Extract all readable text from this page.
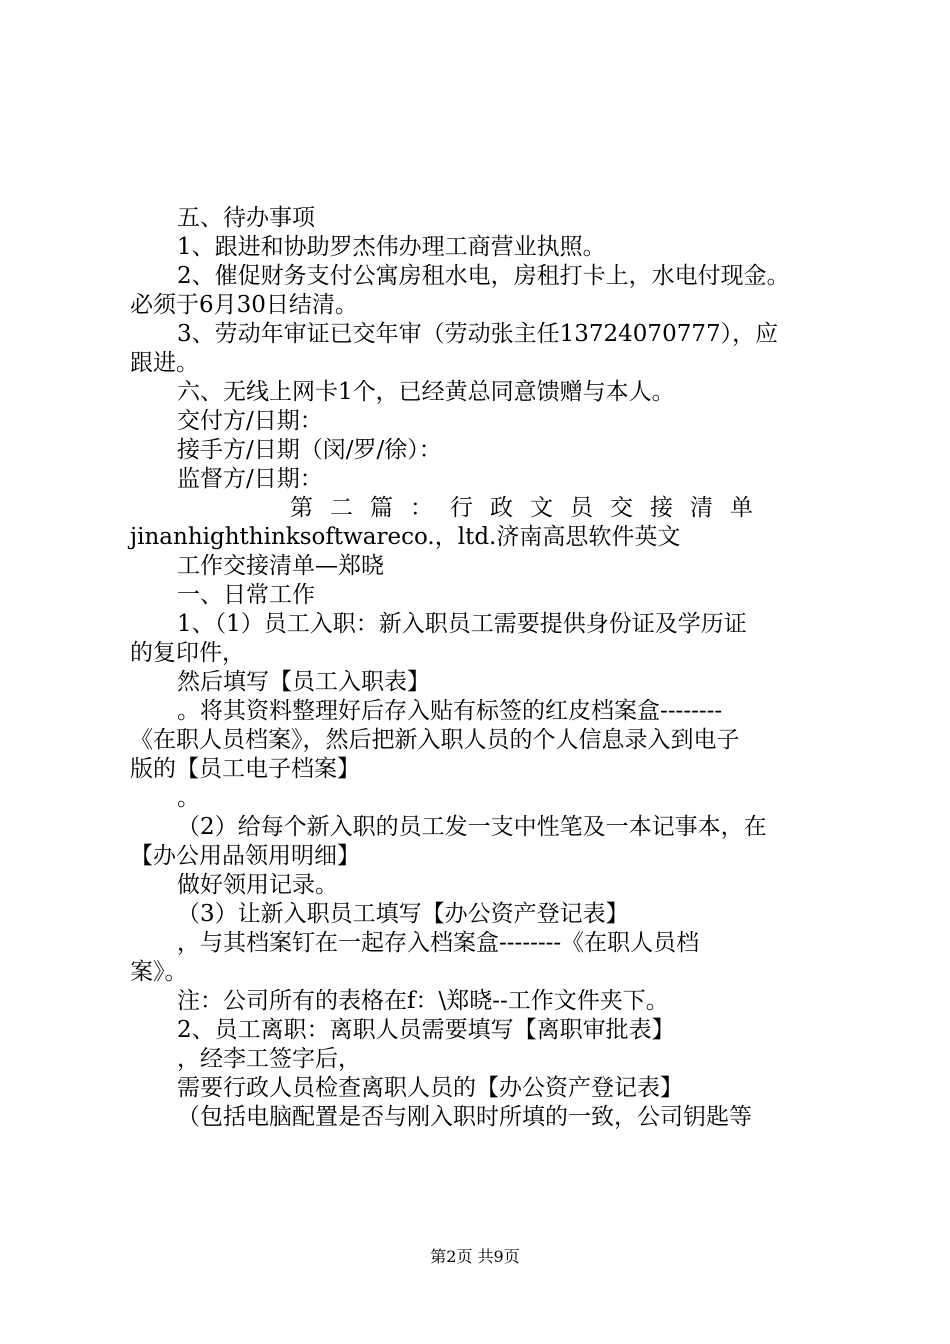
五、待办事项
1、跟进和协助罗杰伟办理工商营业执照。
2、催促财务支付公寓房租水电，房租打卡上，水电付现金。
必须于6月30日结清。
3、劳动年审证已交年审（劳动张主任13724070777），应
跟进。
六、无线上网卡1个，已经黄总同意馈赠与本人。
交付方/日期：
接手方/日期（闵/罗/徐）：
监督方/日期：
第二篇：行政文员交接清单
jinanhighthinksoftwareco.，ltd.济南高思软件英文
工作交接清单—郑晓
一、日常工作
1、（1）员工入职：新入职员工需要提供身份证及学历证
的复印件，
然后填写【员工入职表】
。将其资料整理好后存入贴有标签的红皮档案盒--------
《在职人员档案》，然后把新入职人员的个人信息录入到电子
版的【员工电子档案】
。
（2）给每个新入职的员工发一支中性笔及一本记事本，在
【办公用品领用明细】
做好领用记录。
（3）让新入职员工填写【办公资产登记表】
，与其档案钉在一起存入档案盒--------《在职人员档
案》。
注：公司所有的表格在f：\郑晓--工作文件夹下。
2、员工离职：离职人员需要填写【离职审批表】
，经李工签字后，
需要行政人员检查离职人员的【办公资产登记表】
（包括电脑配置是否与刚入职时所填的一致，公司钥匙等
第2页 共9页
